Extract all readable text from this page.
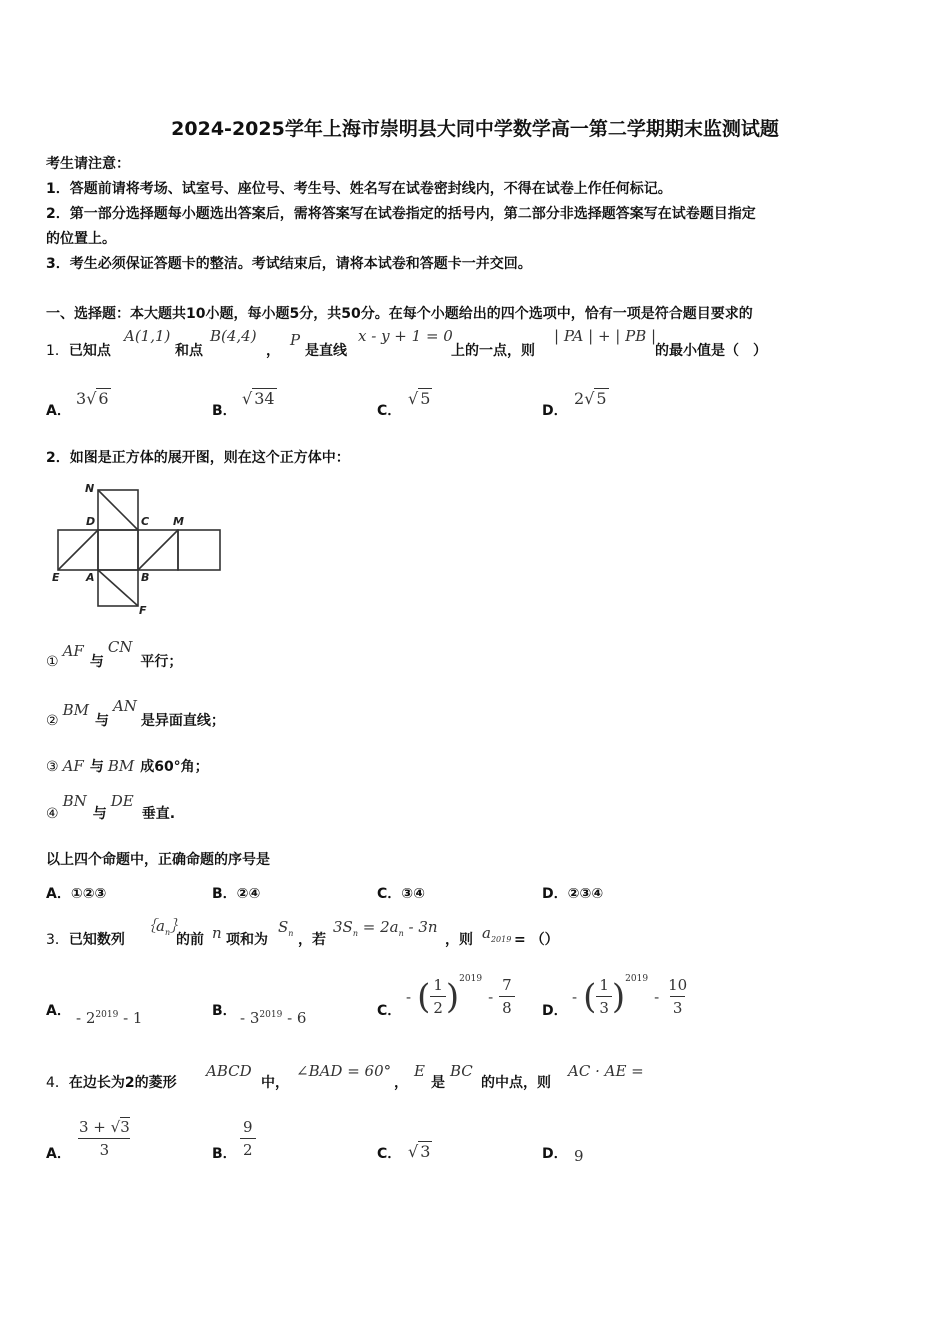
2024-2025学年上海市崇明县大同中学数学高一第二学期期末监测试题
考生请注意：
1．答题前请将考场、试室号、座位号、考生号、姓名写在试卷密封线内，不得在试卷上作任何标记。
2．第一部分选择题每小题选出答案后，需将答案写在试卷指定的括号内，第二部分非选择题答案写在试卷题目指定
的位置上。
3．考生必须保证答题卡的整洁。考试结束后，请将本试卷和答题卡一并交回。
一、选择题：本大题共10小题，每小题5分，共50分。在每个小题给出的四个选项中，恰有一项是符合题目要求的
1．已知点
A(1,1)
和点
B(4,4)
，
P
是直线
x - y + 1 = 0
上的一点，则
| PA | + | PB |
的最小值是（　）
A．
3√ 6
B．
√ 34
C．
√ 5
D．
2√ 5
2．如图是正方体的展开图，则在这个正方体中：
N
D	C M
E A	B
F
①AF与CN平行；
②BM与AN是异面直线；
③ AF 与 BM 成60°角；
④BN与DE垂直.
以上四个命题中，正确命题的序号是
A．①②③	B．②④	C．③④	D．②③④
3．已知数列
$\{a_n\}$
的前 n 项和为
$S_n$ ，若
$3S_n = 2a_n - 3n$
，则 $a_{2019}$ = （）
A． - $2^{2019} - 1$	B． - $3^{2019} - 6$	C．
- ( $\frac{1}{2} )^{2019}$
- $\frac{7}{8}$ D．
- ( $\frac{1}{3} )^{2019}$
- $\frac{10}{3}$
4．在边长为2的菱形
ABCD
中，
∠BAD = 60°
，
E
是
BC
的中点，则
AC · AE =
A． $\frac{3 + √3}{3}$	B． $\frac{9}{2}$	C． √ 3	D． 9
